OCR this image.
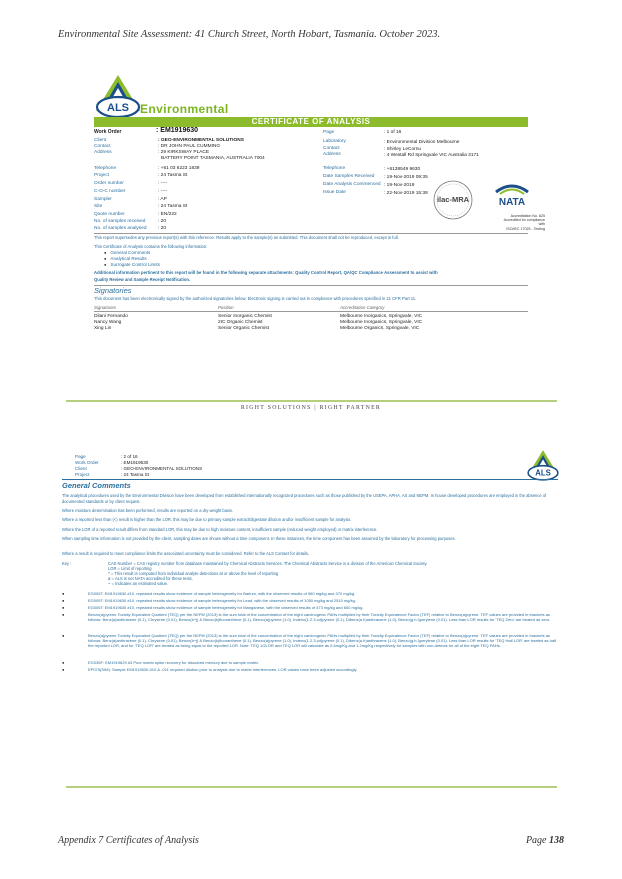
Environmental Site Assessment: 41 Church Street, North Hobart, Tasmania. October 2023.
ALS Environmental
CERTIFICATE OF ANALYSIS
Work Order	: EM1919630
Client	: GEO-ENVIRONMENTAL SOLUTIONS
Contact	: DR JOHN PAUL CUMMING
Address	: 29 KIRKSWAY PLACE
BATTERY POINT TASMANIA, AUSTRALIA 7004
Telephone	: +61 03 6223 1839
Project	: 24 Tasma St
Order number	: ----
C-O-C number	: ----
Sampler	: AP
Site	: 24 Tasma St
Quote number	: EN/222
No. of samples received	: 20
No. of samples analysed : 20
Page	: 1 of 16
Laboratory	: Environmental Division Melbourne
Contact	: Shirley LeCornu
Address	: 4 Westall Rd Springvale VIC Australia 3171
Telephone	: +6138549 9630
Date Samples Received : 19-Nov-2019 09:35
Date Analysis Commenced : 19-Nov-2019
Issue Date	: 22-Nov-2019 15:38
ilac-MRA	NATA
Accreditation No. 825
Accredited for compliance with
ISO/IEC 17025 - Testing
This report supersedes any previous report(s) with this reference. Results apply to the sample(s) as submitted. This document shall not be reproduced, except in full.
This Certificate of Analysis contains the following information:
● General Comments
● Analytical Results
● Surrogate Control Limits
Additional information pertinent to this report will be found in the following separate attachments: Quality Control Report, QA/QC Compliance Assessment to assist with
Quality Review and Sample Receipt Notification.
Signatories
This document has been electronically signed by the authorized signatories below. Electronic signing is carried out in compliance with procedures specified in 21 CFR Part 11.
Signatories	Position	Accreditation Category
Dilani Fernando	Senior Inorganic Chemist	Melbourne Inorganics, Springvale, VIC
Nancy Wang	2IC Organic Chemist	Melbourne Inorganics, Springvale, VIC
Xing Lin	Senior Organic Chemist	Melbourne Organics, Springvale, VIC
RIGHT SOLUTIONS | RIGHT PARTNER
Page	: 2 of 16
Work Order	: EM1919630
Client	: GEO-ENVIRONMENTAL SOLUTIONS
Project	: 24 Tasma St	ALS
General Comments
The analytical procedures used by the Environmental Division have been developed from established internationally recognized procedures such as those published by the USEPA, APHA, AS and NEPM. In house developed procedures are employed in the absence of documented standards or by client request.
Where moisture determination has been performed, results are reported on a dry weight basis.
Where a reported less than (<) result is higher than the LOR, this may be due to primary sample extract/digestate dilution and/or insufficient sample for analysis.
Where the LOR of a reported result differs from standard LOR, this may be due to high moisture content, insufficient sample (reduced weight employed) or matrix interference.
When sampling time information is not provided by the client, sampling dates are shown without a time component. In these instances, the time component has been assumed by the laboratory for processing purposes.
Where a result is required to meet compliance limits the associated uncertainty must be considered. Refer to the ALS Contact for details.
Key :	CAS Number = CAS registry number from database maintained by Chemical Abstracts Services. The Chemical Abstracts Service is a division of the American Chemical Society.
LOR = Limit of reporting
^ = This result is computed from individual analyte detections at or above the level of reporting
ø = ALS is not NATA accredited for these tests.
~ = Indicates an estimated value.
●	EG005T: EM1919630 #10, repeated results show evidence of sample heterogeneity for Barium, with the observed results of 960 mg/kg and 370 mg/kg.
●	EG005T: EM1919630 #10, repeated results show evidence of sample heterogeneity for Lead, with the observed results of 1050 mg/kg and 2510 mg/kg.
●	EG005T: EM1919630 #10, repeated results show evidence of sample heterogeneity for Manganese, with the observed results of 473 mg/kg and 600 mg/kg.
●	Benzo(a)pyrene Toxicity Equivalent Quotient (TEQ) per the NEPM (2013) is the sum total of the concentration of the eight carcinogenic PAHs multiplied by their Toxicity Equivalence Factor (TEF) relative to Benzo(a)pyrene. TEF values are provided in brackets as follows: Benz(a)anthracene (0.1), Chrysene (0.01), Benzo(b+j) & Benzo(k)fluoranthene (0.1), Benzo(a)pyrene (1.0), Indeno(1.2.3.cd)pyrene (0.1), Dibenz(a.h)anthracene (1.0), Benzo(g.h.i)perylene (0.01). Less than LOR results for 'TEQ Zero' are treated as zero.
●	Benzo(a)pyrene Toxicity Equivalent Quotient (TEQ) per the NEPM (2013) is the sum total of the concentration of the eight carcinogenic PAHs multiplied by their Toxicity Equivalence Factor (TEF) relative to Benzo(a)pyrene. TEF values are provided in brackets as follows: Benz(a)anthracene (0.1), Chrysene (0.01), Benzo(b+j) & Benzo(k)fluoranthene (0.1), Benzo(a)pyrene (1.0), Indeno(1.2.3.cd)pyrene (0.1), Dibenz(a.h)anthracene (1.0), Benzo(g.h.i)perylene (0.01). Less than LOR results for 'TEQ Half LOR' are treated as half the reported LOR, and for 'TEQ LOR' are treated as being equal to the reported LOR. Note: TEQ 1/2LOR and TEQ LOR will calculate as 0.6mg/Kg and 1.2mg/Kg respectively for samples with non-detects for all of the eight TEQ PAHs.
●	EG035F: EM1919629 #3 Poor matrix spike recovery for dissolved mercury due to sample matrix.
●	EP075(SIM): Sample EM1919630-010 & -011 required dilution prior to analysis due to matrix interferences. LOR values have been adjusted accordingly.
Appendix 7 Certificates of Analysis	Page 138
